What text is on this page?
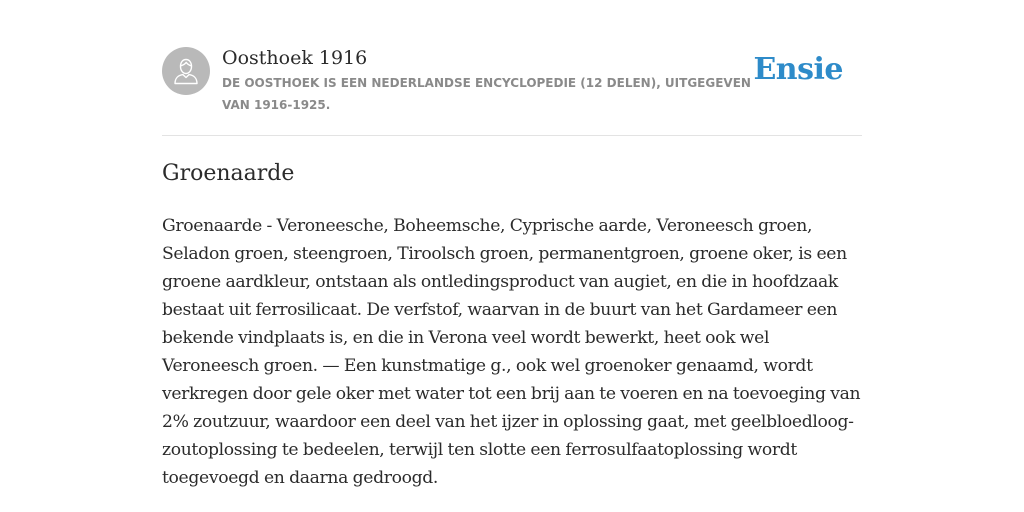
Oosthoek 1916

DE OOSTHOEK IS EEN NEDERLANDSE ENCYCLOPEDIE (12 DELEN), UITGEGEVEN VAN 1916-1925.

Ensie
Groenaarde

Groenaarde - Veroneesche, Boheemsche, Cyprische aarde, Veroneesch groen, Seladon groen, steengroen, Tiroolsch groen, permanentgroen, groene oker, is een groene aardkleur, ontstaan als ontledingsproduct van augiet, en die in hoofdzaak bestaat uit ferrosilicaat. De verfstof, waarvan in de buurt van het Gardameer een bekende vindplaats is, en die in Verona veel wordt bewerkt, heet ook wel Veroneesch groen. — Een kunstmatige g., ook wel groenoker genaamd, wordt verkregen door gele oker met water tot een brij aan te voeren en na toevoeging van 2% zoutzuur, waardoor een deel van het ijzer in oplossing gaat, met geelbloedloog-zoutoplossing te bedeelen, terwijl ten slotte een ferrosulfaatoplossing wordt toegevoegd en daarna gedroogd.
